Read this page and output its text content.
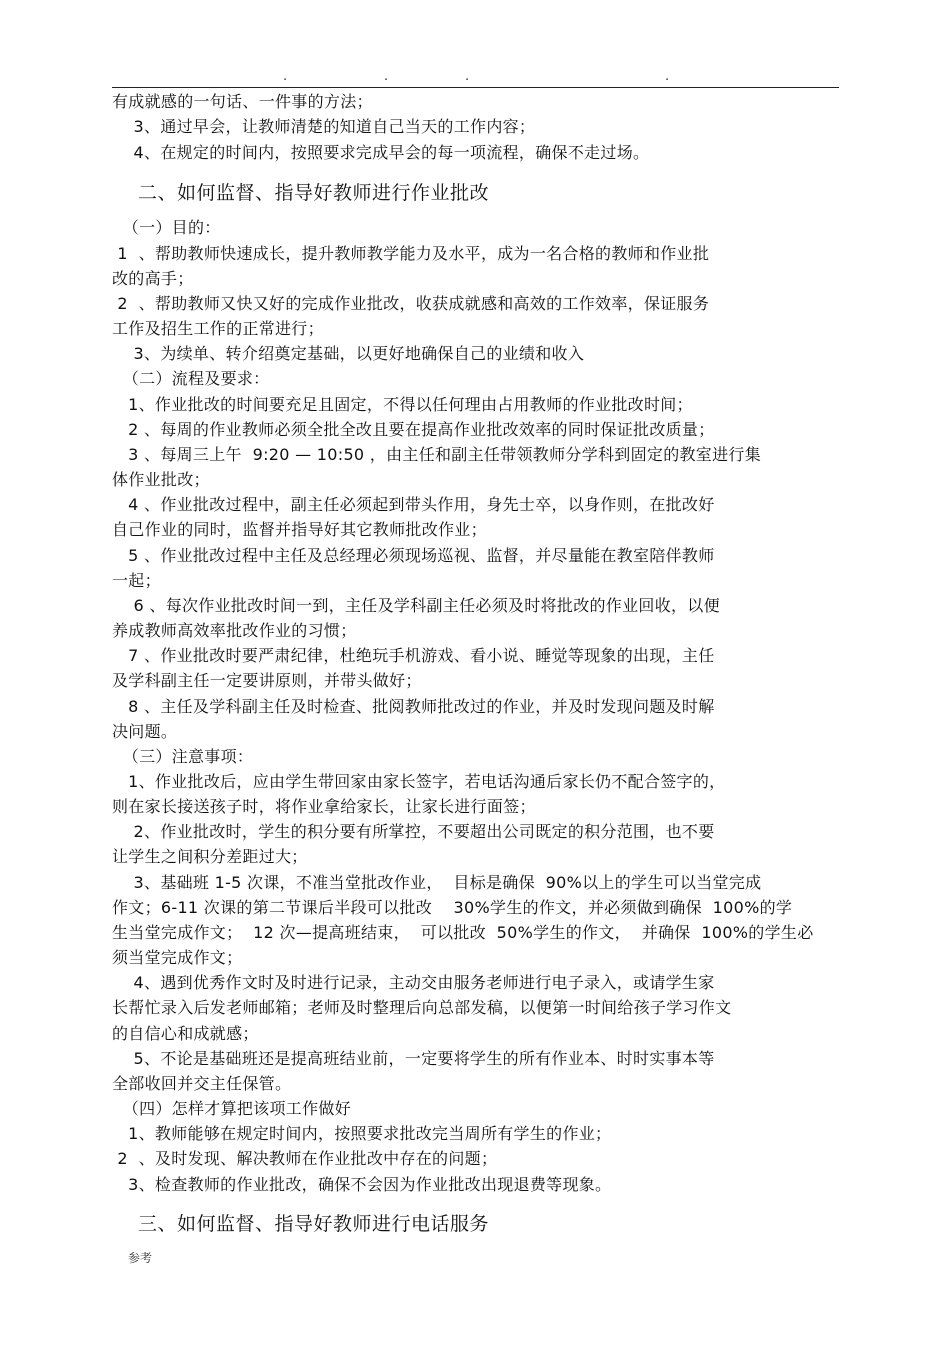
.	.	.	.
有成就感的一句话、一件事的方法；
3、通过早会，让教师清楚的知道自己当天的工作内容；
4、在规定的时间内，按照要求完成早会的每一项流程，确保不走过场。
二、如何监督、指导好教师进行作业批改
（一）目的：
1  、帮助教师快速成长，提升教师教学能力及水平，成为一名合格的教师和作业批
改的高手；
2  、帮助教师又快又好的完成作业批改，收获成就感和高效的工作效率，保证服务
工作及招生工作的正常进行；
3、为续单、转介绍奠定基础，以更好地确保自己的业绩和收入
（二）流程及要求：
1、作业批改的时间要充足且固定，不得以任何理由占用教师的作业批改时间；
2 、每周的作业教师必须全批全改且要在提高作业批改效率的同时保证批改质量；
3 、每周三上午  9:20 — 10:50 ，由主任和副主任带领教师分学科到固定的教室进行集
体作业批改；
4 、作业批改过程中，副主任必须起到带头作用，身先士卒，以身作则，在批改好
自己作业的同时，监督并指导好其它教师批改作业；
5 、作业批改过程中主任及总经理必须现场巡视、监督，并尽量能在教室陪伴教师
一起；
6 、每次作业批改时间一到，主任及学科副主任必须及时将批改的作业回收，以便
养成教师高效率批改作业的习惯；
7 、作业批改时要严肃纪律，杜绝玩手机游戏、看小说、睡觉等现象的出现，主任
及学科副主任一定要讲原则，并带头做好；
8 、主任及学科副主任及时检查、批阅教师批改过的作业，并及时发现问题及时解
决问题。
（三）注意事项：
1、作业批改后，应由学生带回家由家长签字，若电话沟通后家长仍不配合签字的，
则在家长接送孩子时，将作业拿给家长，让家长进行面签；
2、作业批改时，学生的积分要有所掌控，不要超出公司既定的积分范围，也不要
让学生之间积分差距过大；
3、基础班 1-5 次课，不准当堂批改作业，  目标是确保  90%以上的学生可以当堂完成
作文；6-11 次课的第二节课后半段可以批改    30%学生的作文，并必须做到确保  100%的学
生当堂完成作文；  12 次—提高班结束，  可以批改  50%学生的作文，  并确保  100%的学生必
须当堂完成作文；
4、遇到优秀作文时及时进行记录，主动交由服务老师进行电子录入，或请学生家
长帮忙录入后发老师邮箱；老师及时整理后向总部发稿，以便第一时间给孩子学习作文
的自信心和成就感；
5、不论是基础班还是提高班结业前，一定要将学生的所有作业本、时时实事本等
全部收回并交主任保管。
（四）怎样才算把该项工作做好
1、教师能够在规定时间内，按照要求批改完当周所有学生的作业；
2  、及时发现、解决教师在作业批改中存在的问题；
3、检查教师的作业批改，确保不会因为作业批改出现退费等现象。
三、如何监督、指导好教师进行电话服务
参考
